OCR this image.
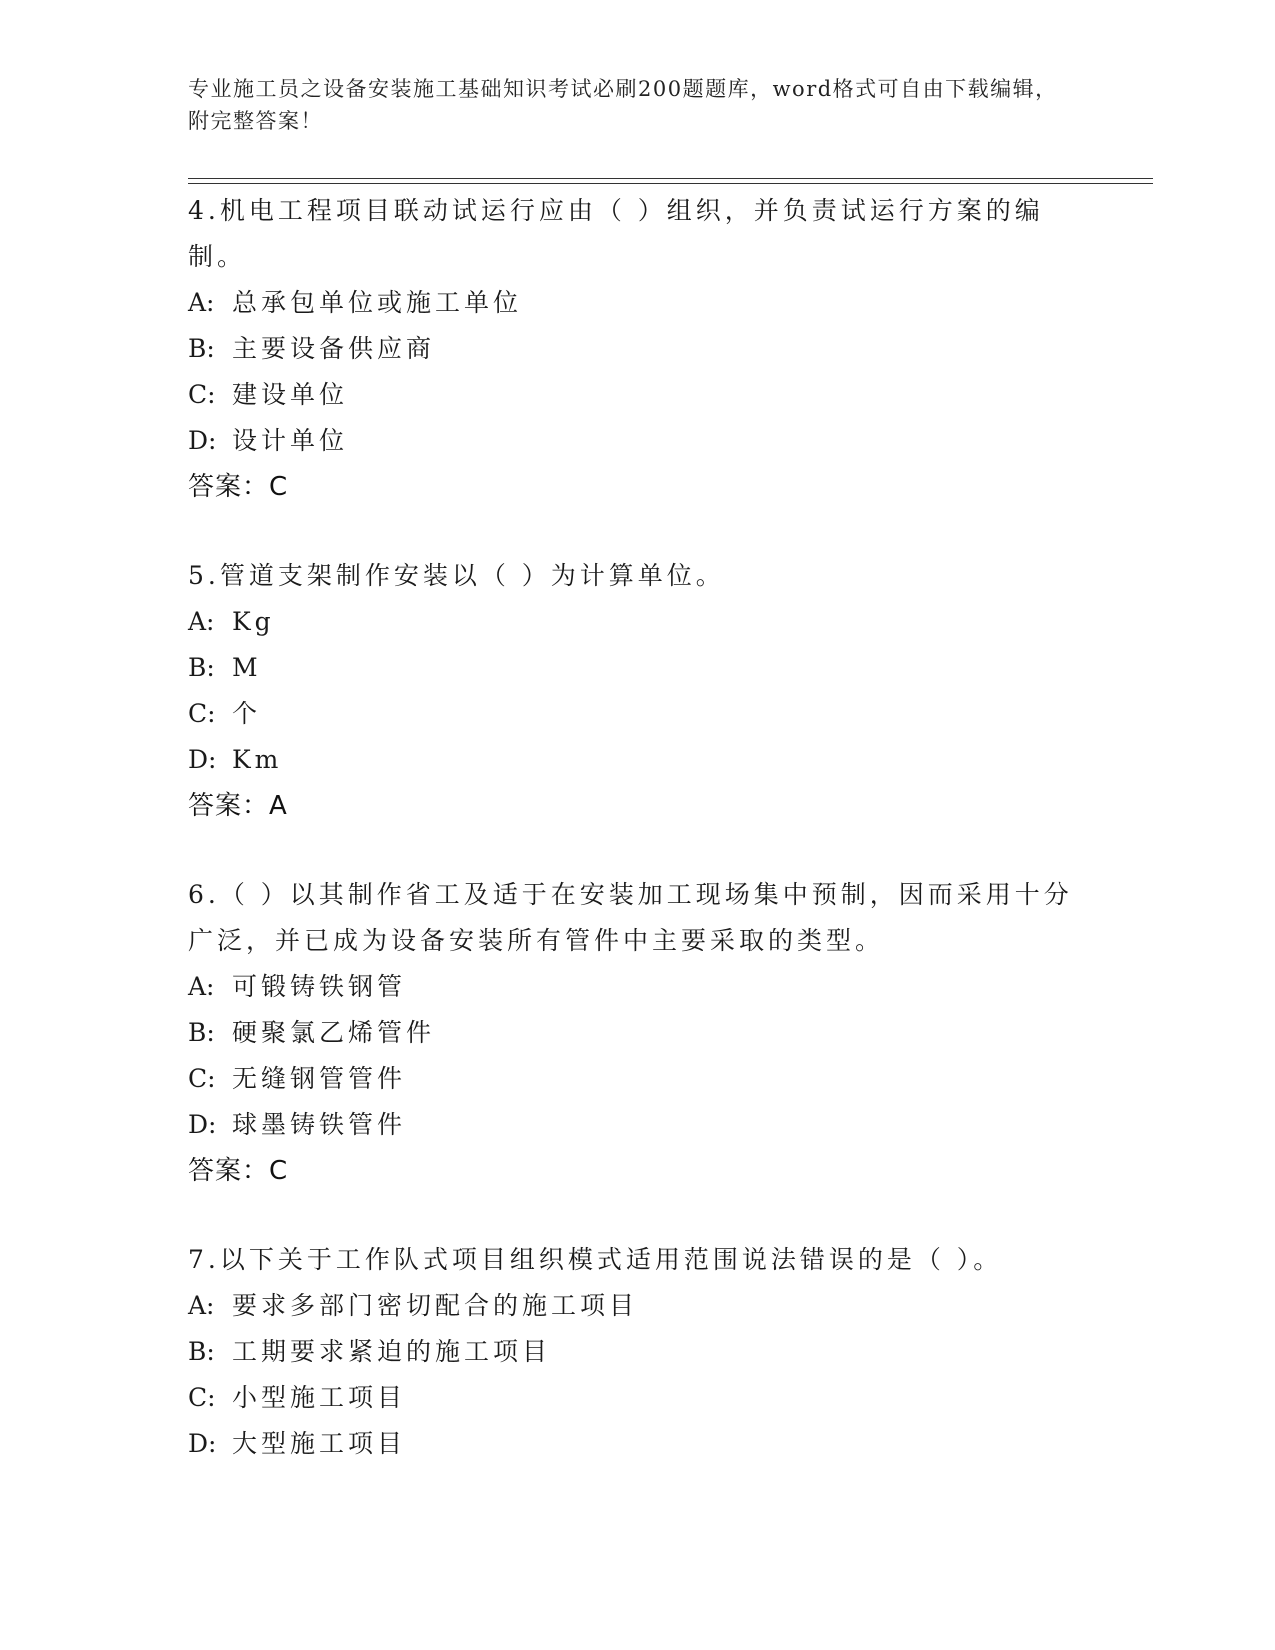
专业施工员之设备安装施工基础知识考试必刷200题题库，word格式可自由下载编辑，附完整答案！

4.机电工程项目联动试运行应由（ ）组织，并负责试运行方案的编制。

A: 总承包单位或施工单位
B: 主要设备供应商
C: 建设单位
D: 设计单位

答案：C

5.管道支架制作安装以（ ）为计算单位。

A: Kg
B: M
C: 个
D: Km

答案：A

6.（ ）以其制作省工及适于在安装加工现场集中预制，因而采用十分广泛，并已成为设备安装所有管件中主要采取的类型。

A: 可锻铸铁钢管
B: 硬聚氯乙烯管件
C: 无缝钢管管件
D: 球墨铸铁管件

答案：C

7.以下关于工作队式项目组织模式适用范围说法错误的是（ ）。

A: 要求多部门密切配合的施工项目
B: 工期要求紧迫的施工项目
C: 小型施工项目
D: 大型施工项目
